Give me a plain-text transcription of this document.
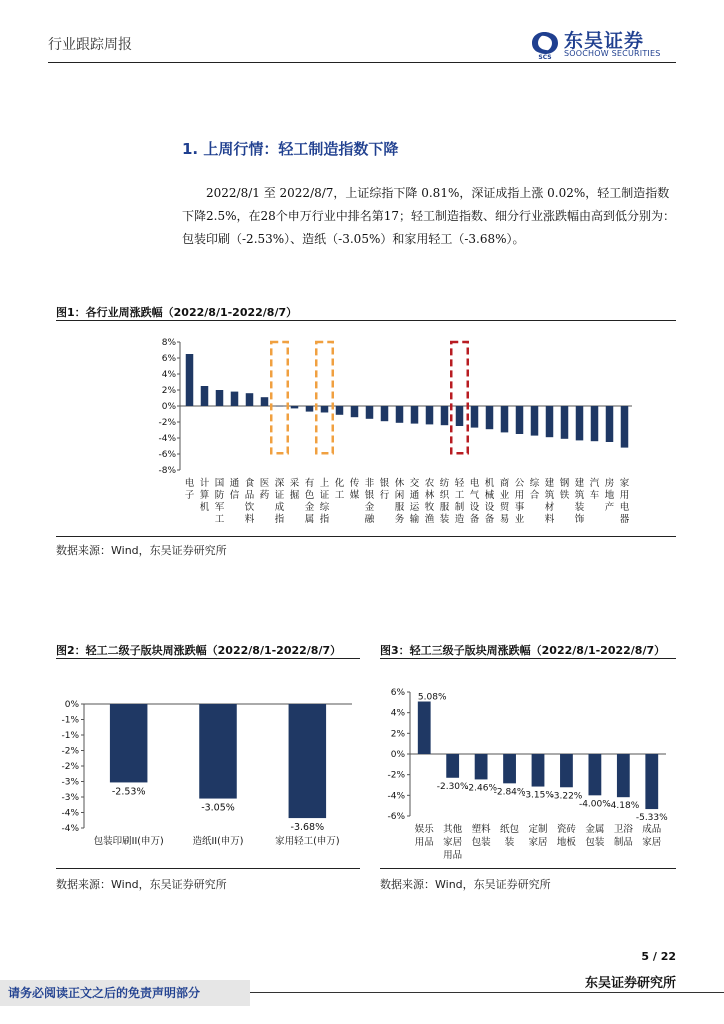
行业跟踪周报
SCS
东吴证券
SOOCHOW SECURITIES
1. 上周行情：轻工制造指数下降

2022/8/1 至 2022/8/7，上证综指下降 0.81%，深证成指上涨 0.02%，轻工制造指数下降2.5%，在28个申万行业中排名第17；轻工制造指数、细分行业涨跌幅由高到低分别为：包装印刷（-2.53%）、造纸（-3.05%）和家用轻工（-3.68%）。

图1：各行业周涨跌幅（2022/8/1-2022/8/7）
-8%
-6%
-4%
-2%
0%
2%
4%
6%
8%
电
子
计
算
机
国
防
军
工
通
信
食
品
饮
料
医
药
深
证
成
指
采
掘
有
色
金
属
上
证
综
指
化
工
传
媒
非
银
金
融
银
行
休
闲
服
务
交
通
运
输
农
林
牧
渔
纺
织
服
装
轻
工
制
造
电
气
设
备
机
械
设
备
商
业
贸
易
公
用
事
业
综
合
建
筑
材
料
钢
铁
建
筑
装
饰
汽
车
房
地
产
家
用
电
器
数据来源：Wind，东吴证券研究所
图2：轻工二级子版块周涨跌幅（2022/8/1-2022/8/7）
0%
-1%
-1%
-2%
-2%
-3%
-3%
-4%
-4%
-2.53%
包装印刷II(申万)
-3.05%
造纸II(申万)
-3.68%
家用轻工(申万)
数据来源：Wind，东吴证券研究所
图3：轻工三级子版块周涨跌幅（2022/8/1-2022/8/7）
-6%
-4%
-2%
0%
2%
4%
6% 5.08%
娱乐
用品
-2.30%
其他
家居
用品
-2.46%
塑料
包装
-2.84%
纸包
装
-3.15%
定制
家居
-3.22%
瓷砖
地板
-4.00%
金属
包装
-4.18%
卫浴
制品
-5.33%
成品
家居
数据来源：Wind，东吴证券研究所
5 / 22
请务必阅读正文之后的免责声明部分
东吴证券研究所
